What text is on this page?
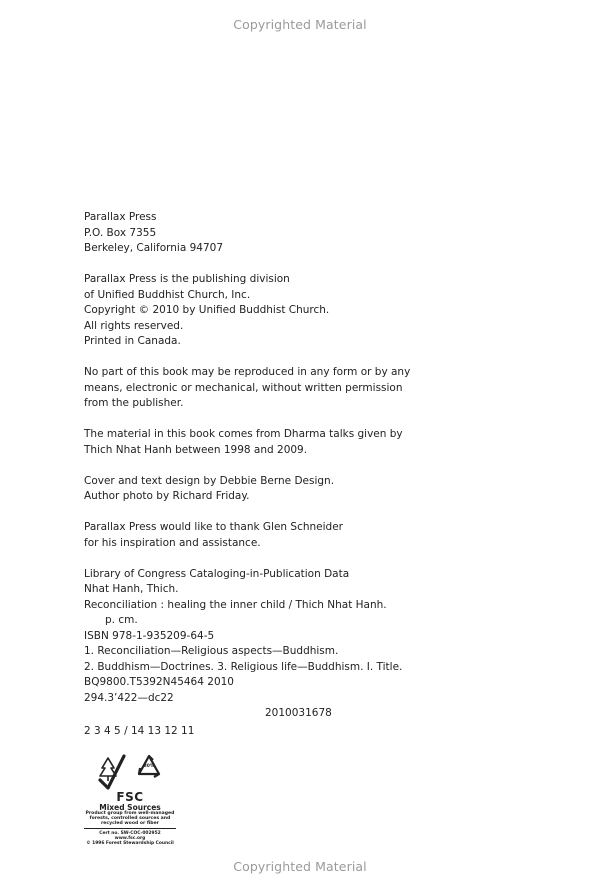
Copyrighted Material

Parallax Press
P.O. Box 7355
Berkeley, California 94707

Parallax Press is the publishing division
of Unified Buddhist Church, Inc.
Copyright © 2010 by Unified Buddhist Church.
All rights reserved.
Printed in Canada.

No part of this book may be reproduced in any form or by any
means, electronic or mechanical, without written permission
from the publisher.

The material in this book comes from Dharma talks given by
Thich Nhat Hanh between 1998 and 2009.

Cover and text design by Debbie Berne Design.
Author photo by Richard Friday.

Parallax Press would like to thank Glen Schneider
for his inspiration and assistance.

Library of Congress Cataloging-in-Publication Data
Nhat Hanh, Thich.
Reconciliation : healing the inner child / Thich Nhat Hanh.
p. cm.
ISBN 978-1-935209-64-5
1. Reconciliation—Religious aspects—Buddhism.
2. Buddhism—Doctrines. 3. Religious life—Buddhism. I. Title.
BQ9800.T5392N45464 2010
294.3’422—dc22
2010031678

2 3 4 5 / 14 13 12 11

80%
FSC
Mixed Sources
Product group from well-managed
forests, controlled sources and
recycled wood or fiber
Cert no. SW-COC-002952
www.fsc.org
© 1996 Forest Stewardship Council
Copyrighted Material
